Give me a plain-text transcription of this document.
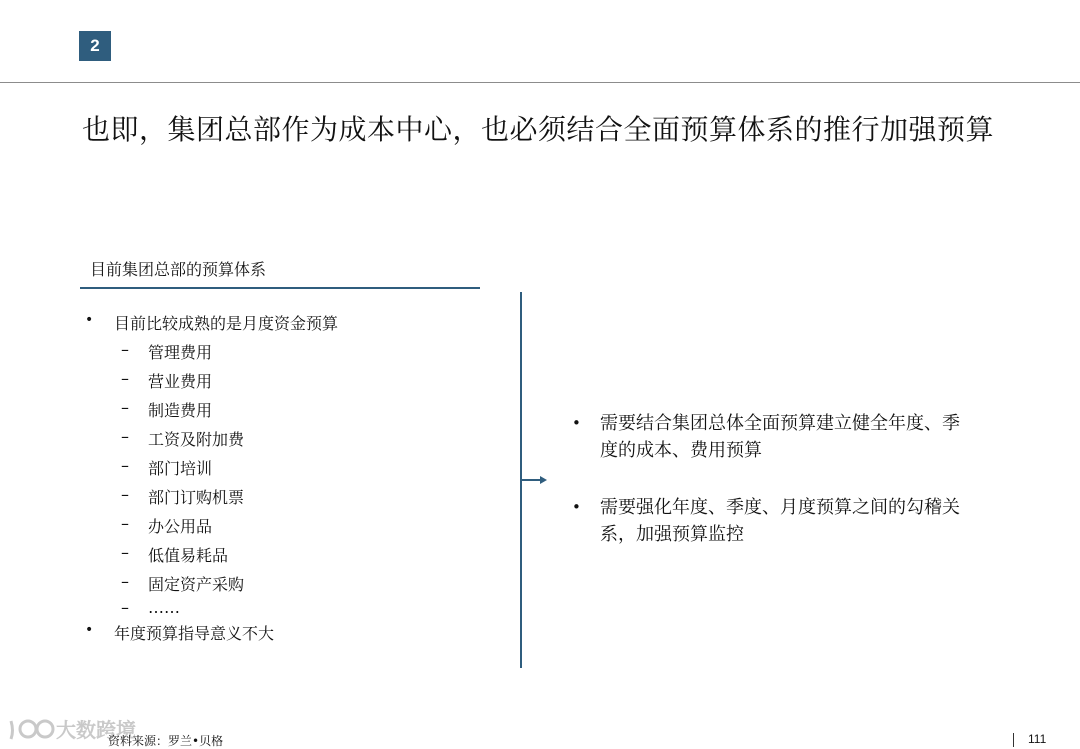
2
也即，集团总部作为成本中心，也必须结合全面预算体系的推行加强预算
目前集团总部的预算体系
• 目前比较成熟的是月度资金预算
– 管理费用
– 营业费用
– 制造费用
– 工资及附加费
– 部门培训
– 部门订购机票
– 办公用品
– 低值易耗品
– 固定资产采购
– ……
• 年度预算指导意义不大
• 需要结合集团总体全面预算建立健全年度、季度的成本、费用预算
• 需要强化年度、季度、月度预算之间的勾稽关系，加强预算监控
大数跨境
资料来源：罗兰•贝格	111
